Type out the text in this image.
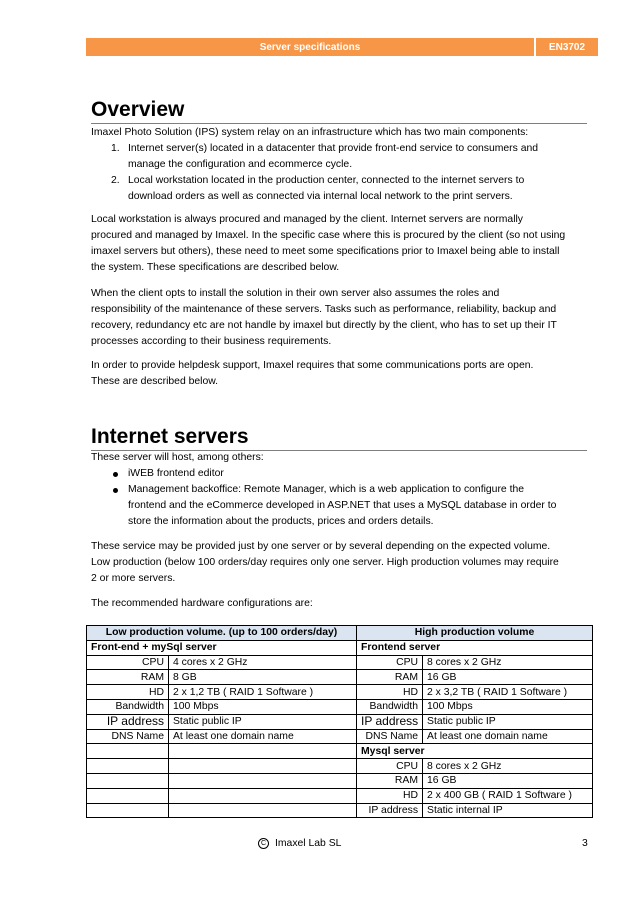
Server specifications	EN3702
Overview

Imaxel Photo Solution (IPS) system relay on an infrastructure which has two main components:

1. Internet server(s) located in a datacenter that provide front-end service to consumers and
manage the configuration and ecommerce cycle.
2. Local workstation located in the production center, connected to the internet servers to
download orders as well as connected via internal local network to the print servers.

Local workstation is always procured and managed by the client. Internet servers are normally

procured and managed by Imaxel. In the specific case where this is procured by the client (so not using

imaxel servers but others), these need to meet some specifications prior to Imaxel being able to install

the system. These specifications are described below.

When the client opts to install the solution in their own server also assumes the roles and

responsibility of the maintenance of these servers. Tasks such as performance, reliability, backup and

recovery, redundancy etc are not handle by imaxel but directly by the client, who has to set up their IT

processes according to their business requirements.

In order to provide helpdesk support, Imaxel requires that some communications ports are open.

These are described below.

Internet servers

These server will host, among others:

iWEB frontend editor
Management backoffice: Remote Manager, which is a web application to configure the
frontend and the eCommerce developed in ASP.NET that uses a MySQL database in order to
store the information about the products, prices and orders details.

These service may be provided just by one server or by several depending on the expected volume.

Low production (below 100 orders/day requires only one server. High production volumes may require

2 or more servers.

The recommended hardware configurations are:

Low production volume. (up to 100 orders/day)		High production volume	
Front-end + mySql server		Frontend server	
CPU	4 cores x 2 GHz	CPU	8 cores x 2 GHz
RAM	8 GB	RAM	16 GB
HD	2 x 1,2 TB ( RAID 1 Software )	HD	2 x 3,2 TB ( RAID 1 Software )
Bandwidth	100 Mbps	Bandwidth	100 Mbps
IP address	Static public IP	IP address	Static public IP
DNS Name	At least one domain name	DNS Name	At least one domain name
		Mysql server	
		CPU	8 cores x 2 GHz
		RAM	16 GB
		HD	2 x 400 GB ( RAID 1 Software )
		IP address	Static internal IP
C Imaxel Lab SL	3
